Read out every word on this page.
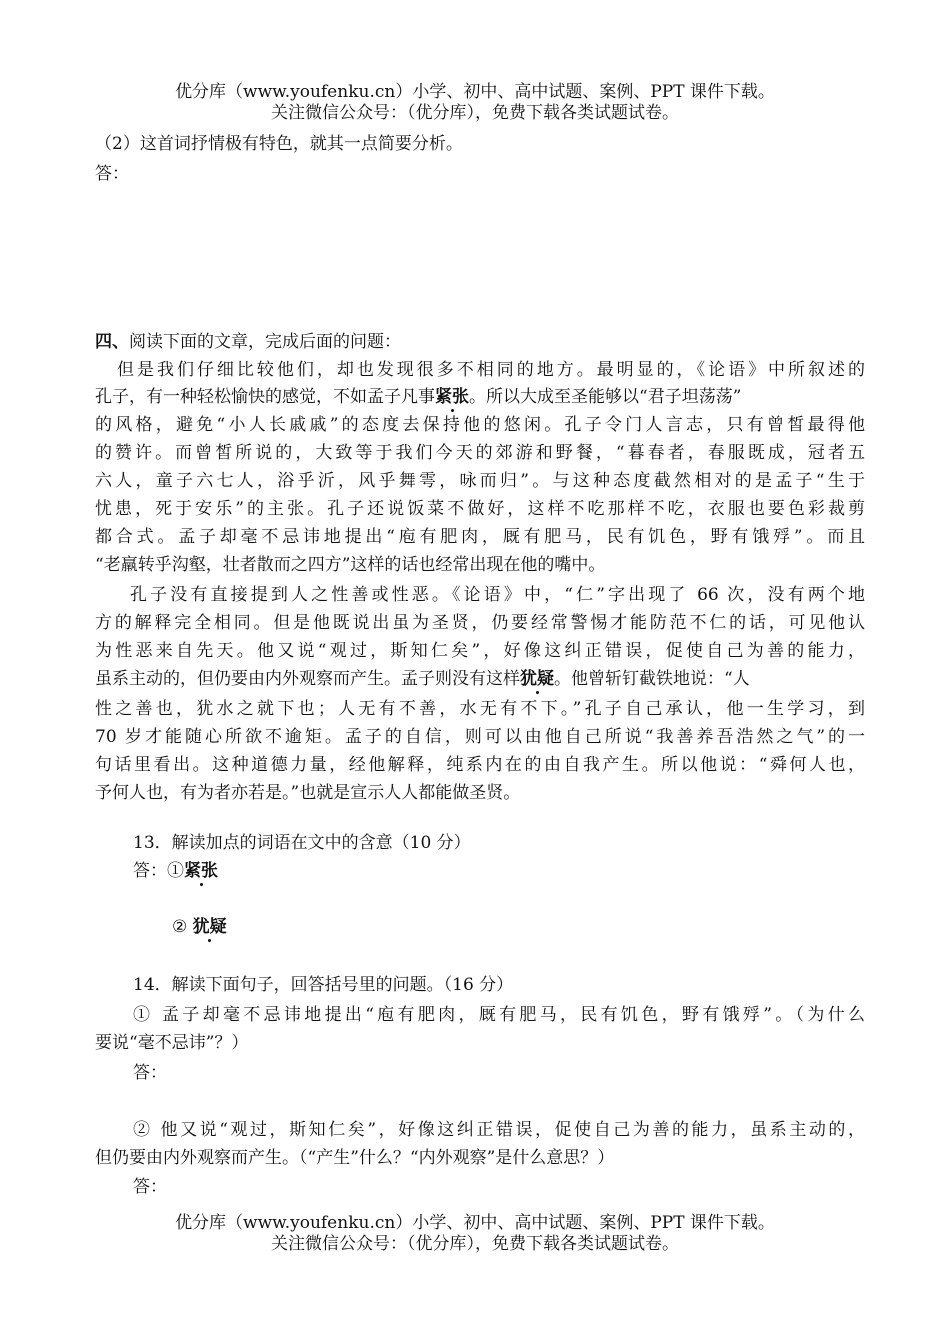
优分库（www.youfenku.cn）小学、初中、高中试题、案例、PPT 课件下载。
关注微信公众号：（优分库），免费下载各类试题试卷。
（2）这首词抒情极有特色，就其一点简要分析。
答：
四、阅读下面的文章，完成后面的问题：
但是我们仔细比较他们，却也发现很多不相同的地方。最明显的，《论语》中所叙述的
孔子，有一种轻松愉快的感觉，不如孟子凡事紧张。所以大成至圣能够以“君子坦荡荡”
的风格，避免“小人长戚戚”的态度去保持他的悠闲。孔子令门人言志，只有曾皙最得他
的赞许。而曾皙所说的，大致等于我们今天的郊游和野餐，“暮春者，春服既成，冠者五
六人，童子六七人，浴乎沂，风乎舞雩，咏而归”。与这种态度截然相对的是孟子“生于
忧患，死于安乐”的主张。孔子还说饭菜不做好，这样不吃那样不吃，衣服也要色彩裁剪
都合式。孟子却毫不忌讳地提出“庖有肥肉，厩有肥马，民有饥色，野有饿殍”。而且
“老羸转乎沟壑，壮者散而之四方”这样的话也经常出现在他的嘴中。
孔子没有直接提到人之性善或性恶。《论语》中，“仁”字出现了 66 次，没有两个地
方的解释完全相同。但是他既说出虽为圣贤，仍要经常警惕才能防范不仁的话，可见他认
为性恶来自先天。他又说“观过，斯知仁矣”，好像这纠正错误，促使自己为善的能力，
虽系主动的，但仍要由内外观察而产生。孟子则没有这样犹疑。他曾斩钉截铁地说：“人
性之善也，犹水之就下也；人无有不善，水无有不下。”孔子自己承认，他一生学习，到
70 岁才能随心所欲不逾矩。孟子的自信，则可以由他自己所说“我善养吾浩然之气”的一
句话里看出。这种道德力量，经他解释，纯系内在的由自我产生。所以他说：“舜何人也，
予何人也，有为者亦若是。”也就是宣示人人都能做圣贤。
13．解读加点的词语在文中的含意（10 分）
答：①紧张
② 犹疑
14．解读下面句子，回答括号里的问题。（16 分）
① 孟子却毫不忌讳地提出“庖有肥肉，厩有肥马，民有饥色，野有饿殍”。（为什么
要说“毫不忌讳”？）
答：
② 他又说“观过，斯知仁矣”，好像这纠正错误，促使自己为善的能力，虽系主动的，
但仍要由内外观察而产生。（“产生”什么？“内外观察”是什么意思？）
答：
优分库（www.youfenku.cn）小学、初中、高中试题、案例、PPT 课件下载。
关注微信公众号：（优分库），免费下载各类试题试卷。
